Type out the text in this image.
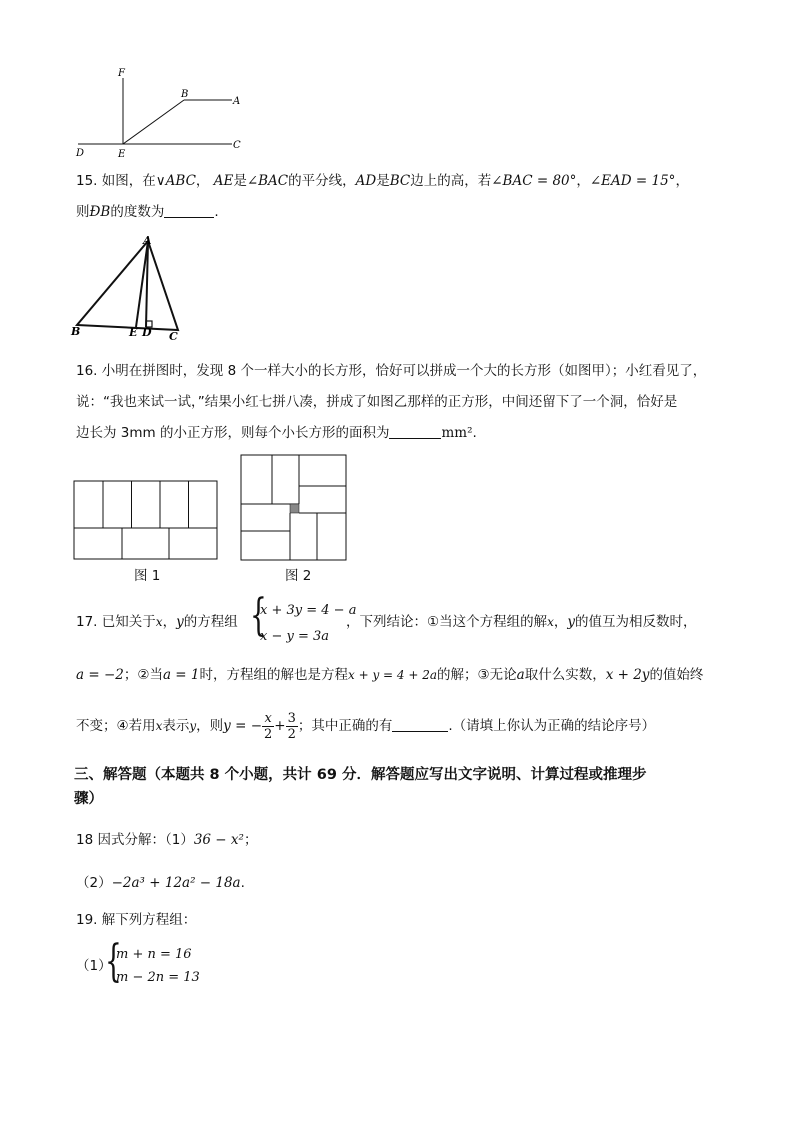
F
B
A
C
D	E
15. 如图，在∨ABC， AE是∠BAC的平分线，AD是BC边上的高，若∠BAC = 80°，∠EAD = 15°，
则ÐB的度数为	.
A
B	E D C
16. 小明在拼图时，发现 8 个一样大小的长方形，恰好可以拼成一个大的长方形（如图甲）；小红看见了，
说：“我也来试一试，”结果小红七拼八凑，拼成了如图乙那样的正方形，中间还留下了一个洞，恰好是
边长为 3mm 的小正方形，则每个小长方形的面积为	mm².
图 1	图 2
17. 已知关于x，y的方程组 {
x + 3y = 4 − a
x − y = 3a
，下列结论：①当这个方程组的解x，y的值互为相反数时，
a = −2；②当a = 1时，方程组的解也是方程x + y = 4 + 2a的解；③无论a取什么实数，x + 2y的值始终
不变；④若用x表示y，则y = − $\frac{x}{2} + \frac{3}{2}$ ；其中正确的有	.（请填上你认为正确的结论序号）
三、解答题（本题共 8 个小题，共计 69 分．解答题应写出文字说明、计算过程或推理步
骤）
18 因式分解：（1）36 − x²；
（2）−2a³ + 12a² − 18a.
19. 解下列方程组：
（1）
{
m + n = 16
m − 2n = 13
